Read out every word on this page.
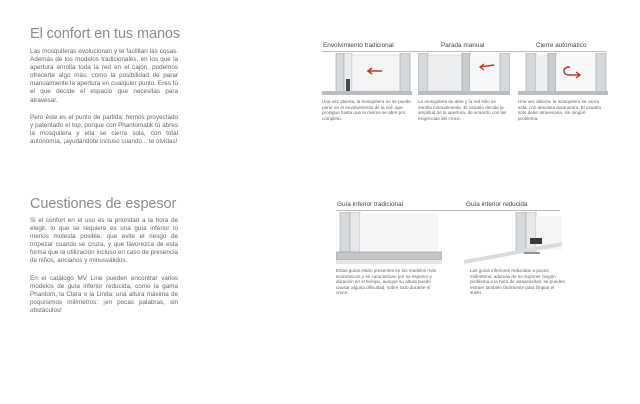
El confort en tus manos

Las mosquiteras evolucionan y te facilitan las cosas. Además de los modelos tradicionales, en los que la apertura enrolla toda la red en el cajón, podemos ofrecerte algo más, como la posibilidad de parar manualmente la apertura en cualquier punto. Eres tú el que decide el espacio que necesitas para atravesar.

Pero éste es el punto de partida: hemos proyectado y patentado el top, porque con Phantomatik tú abres la mosquitera y ella se cierra sola, con total autonomía, ¡ayudándote incluso cuando... te olvidas!

Envolvimiento tradicional	Parada manual	Cierre automático

Una vez abierta, la mosquitera no se puede parar en el envolvimiento de la red, que prosigue hasta que la misma se abre por completo.

La mosquitera se abre y la red sólo se enrolla manualmente. El usuario decide la amplitud de la apertura, de acuerdo con las exigencias del cruce.

Una vez abierta, la mosquitera se cierra sola, con absoluta autonomía. El usuario sólo debe atravesarla, sin ningún problema.

Cuestiones de espesor

Si el confort en el uso es la prioridad a la hora de elegir, lo que se requiere es una guía inferior lo menos molesta posible, que evite el riesgo de tropezar cuando se cruza, y que favorezca de esta forma que la utilización incluso en caso de presencia de niños, ancianos y minusválidos.

En el catálogo MV Line pueden encontrar varios modelos de guía inferior reducida, como la gama Phantom, la Clara o la Linda: una altura máxima de poquísimos milímetros: ¡en pocas palabras, sin obstáculos!

Guía inferior tradicional	Guía inferior reducida

Estas guías están presentes en los modelos más económicos y se caracterizan por su espesor y duración en el tiempo, aunque su altura puede causar alguna dificultad, sobre todo durante el cruce.

Las guías inferiores reducidas a pocos milímetros, además de no suponer ningún problema a la hora de atravesarlas, se pueden extraer también fácilmente para limpiar el suelo.
